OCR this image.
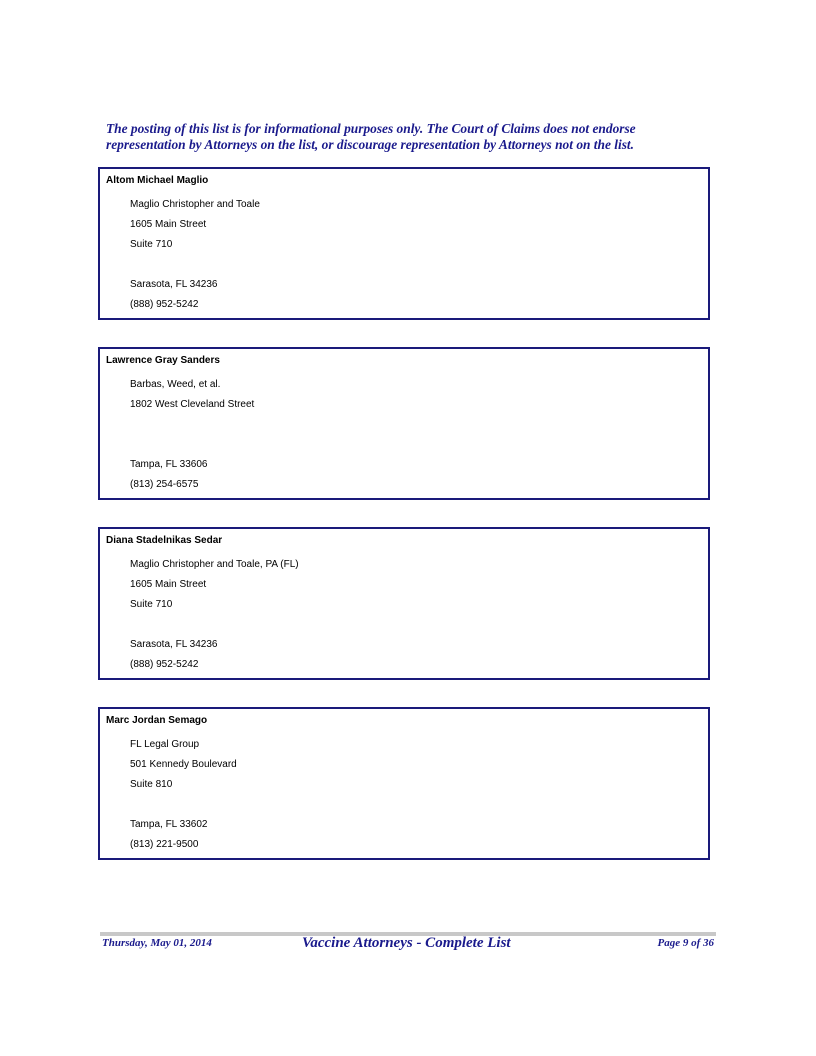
The posting of this list is for informational purposes only. The Court of Claims does not endorse
representation by Attorneys on the list, or discourage representation by Attorneys not on the list.
Altom Michael Maglio
Maglio Christopher and Toale
1605 Main Street
Suite 710
Sarasota, FL 34236
(888) 952-5242
Lawrence Gray Sanders
Barbas, Weed, et al.
1802 West Cleveland Street
Tampa, FL 33606
(813) 254-6575
Diana Stadelnikas Sedar
Maglio Christopher and Toale, PA (FL)
1605 Main Street
Suite 710
Sarasota, FL 34236
(888) 952-5242
Marc Jordan Semago
FL Legal Group
501 Kennedy Boulevard
Suite 810
Tampa, FL 33602
(813) 221-9500
Thursday, May 01, 2014	Vaccine Attorneys - Complete List	Page 9 of 36
